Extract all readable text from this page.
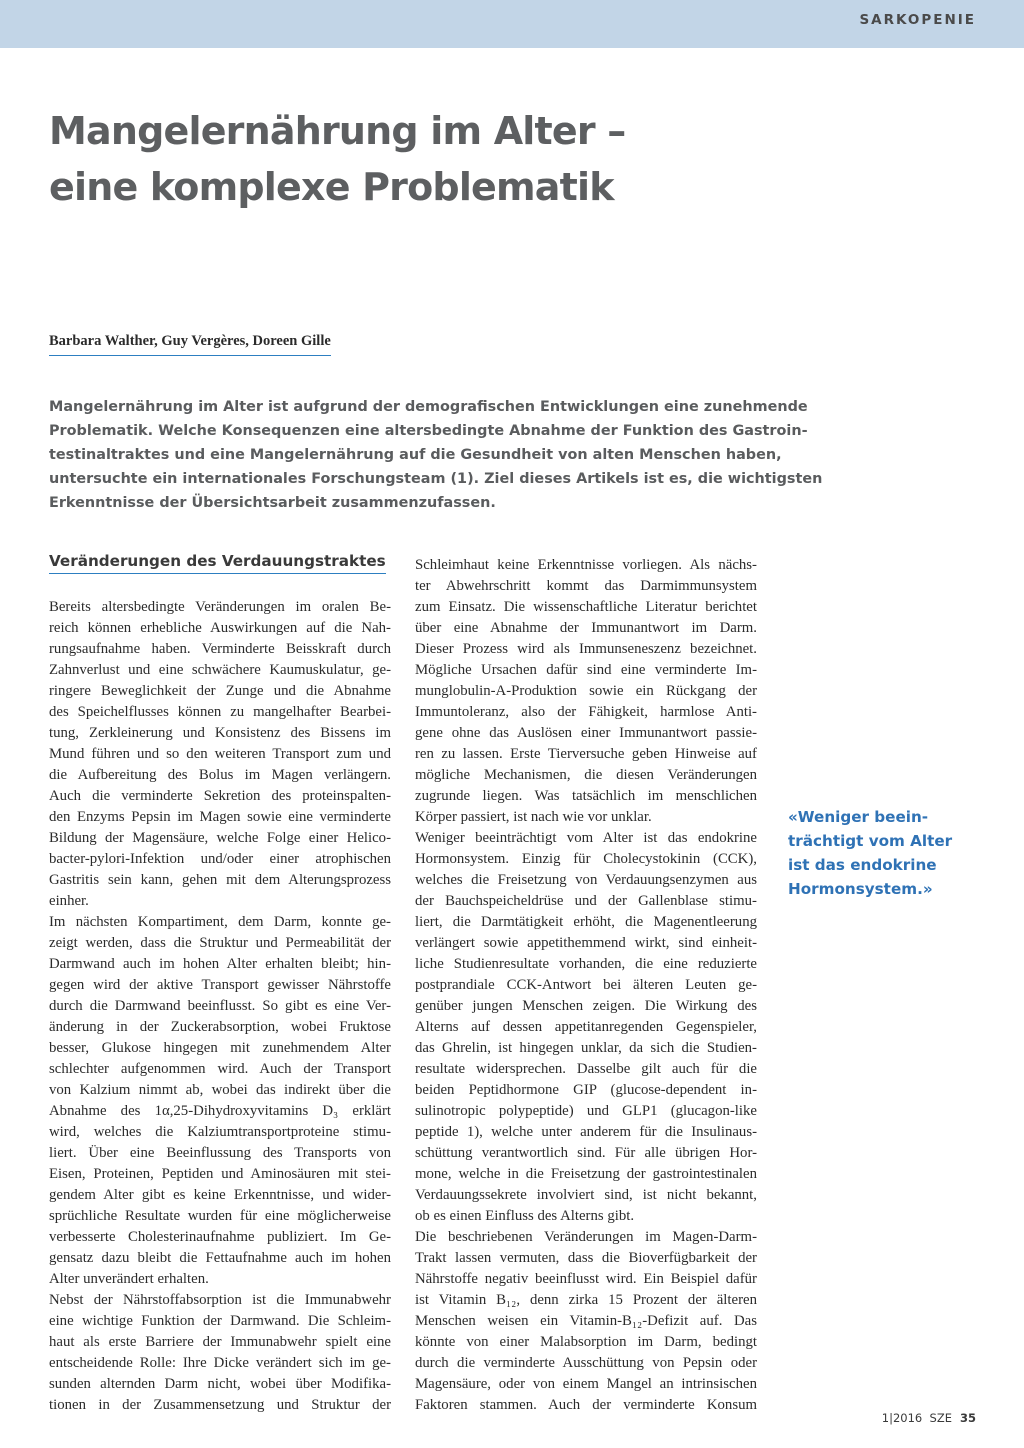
SARKOPENIE
Mangelernährung im Alter –
eine komplexe Problematik
Barbara Walther, Guy Vergères, Doreen Gille
Mangelernährung im Alter ist aufgrund der demografischen Entwicklungen eine zunehmende
Problematik. Welche Konsequenzen eine altersbedingte Abnahme der Funktion des Gastroin-
testinaltraktes und eine Mangelernährung auf die Gesundheit von alten Menschen haben,
untersuchte ein internationales Forschungsteam (1). Ziel dieses Artikels ist es, die wichtigsten
Erkenntnisse der Übersichtsarbeit zusammenzufassen.
Veränderungen des Verdauungstraktes
Bereits altersbedingte Veränderungen im oralen Be-
reich können erhebliche Auswirkungen auf die Nah-
rungsaufnahme haben. Verminderte Beisskraft durch
Zahnverlust und eine schwächere Kaumuskulatur, ge-
ringere Beweglichkeit der Zunge und die Abnahme
des Speichelflusses können zu mangelhafter Bearbei-
tung, Zerkleinerung und Konsistenz des Bissens im
Mund führen und so den weiteren Transport zum und
die Aufbereitung des Bolus im Magen verlängern.
Auch die verminderte Sekretion des proteinspalten-
den Enzyms Pepsin im Magen sowie eine verminderte
Bildung der Magensäure, welche Folge einer Helico-
bacter-pylori-Infektion und/oder einer atrophischen
Gastritis sein kann, gehen mit dem Alterungsprozess
einher.
Im nächsten Kompartiment, dem Darm, konnte ge-
zeigt werden, dass die Struktur und Permeabilität der
Darmwand auch im hohen Alter erhalten bleibt; hin-
gegen wird der aktive Transport gewisser Nährstoffe
durch die Darmwand beeinflusst. So gibt es eine Ver-
änderung in der Zuckerabsorption, wobei Fruktose
besser, Glukose hingegen mit zunehmendem Alter
schlechter aufgenommen wird. Auch der Transport
von Kalzium nimmt ab, wobei das indirekt über die
Abnahme des 1α,25-Dihydroxyvitamins D₃ erklärt
wird, welches die Kalziumtransportproteine stimu-
liert. Über eine Beeinflussung des Transports von
Eisen, Proteinen, Peptiden und Aminosäuren mit stei-
gendem Alter gibt es keine Erkenntnisse, und wider-
sprüchliche Resultate wurden für eine möglicherweise
verbesserte Cholesterinaufnahme publiziert. Im Ge-
gensatz dazu bleibt die Fettaufnahme auch im hohen
Alter unverändert erhalten.
Nebst der Nährstoffabsorption ist die Immunabwehr
eine wichtige Funktion der Darmwand. Die Schleim-
haut als erste Barriere der Immunabwehr spielt eine
entscheidende Rolle: Ihre Dicke verändert sich im ge-
sunden alternden Darm nicht, wobei über Modifika-
tionen in der Zusammensetzung und Struktur der
Schleimhaut keine Erkenntnisse vorliegen. Als nächs-
ter Abwehrschritt kommt das Darmimmunsystem
zum Einsatz. Die wissenschaftliche Literatur berichtet
über eine Abnahme der Immunantwort im Darm.
Dieser Prozess wird als Immunseneszenz bezeichnet.
Mögliche Ursachen dafür sind eine verminderte Im-
munglobulin-A-Produktion sowie ein Rückgang der
Immuntoleranz, also der Fähigkeit, harmlose Anti-
gene ohne das Auslösen einer Immunantwort passie-
ren zu lassen. Erste Tierversuche geben Hinweise auf
mögliche Mechanismen, die diesen Veränderungen
zugrunde liegen. Was tatsächlich im menschlichen
Körper passiert, ist nach wie vor unklar.
Weniger beeinträchtigt vom Alter ist das endokrine
Hormonsystem. Einzig für Cholecystokinin (CCK),
welches die Freisetzung von Verdauungsenzymen aus
der Bauchspeicheldrüse und der Gallenblase stimu-
liert, die Darmtätigkeit erhöht, die Magenentleerung
verlängert sowie appetithemmend wirkt, sind einheit-
liche Studienresultate vorhanden, die eine reduzierte
postprandiale CCK-Antwort bei älteren Leuten ge-
genüber jungen Menschen zeigen. Die Wirkung des
Alterns auf dessen appetitanregenden Gegenspieler,
das Ghrelin, ist hingegen unklar, da sich die Studien-
resultate widersprechen. Dasselbe gilt auch für die
beiden Peptidhormone GIP (glucose-dependent in-
sulinotropic polypeptide) und GLP1 (glucagon-like
peptide 1), welche unter anderem für die Insulinaus-
schüttung verantwortlich sind. Für alle übrigen Hor-
mone, welche in die Freisetzung der gastrointestinalen
Verdauungssekrete involviert sind, ist nicht bekannt,
ob es einen Einfluss des Alterns gibt.
Die beschriebenen Veränderungen im Magen-Darm-
Trakt lassen vermuten, dass die Bioverfügbarkeit der
Nährstoffe negativ beeinflusst wird. Ein Beispiel dafür
ist Vitamin B₁₂, denn zirka 15 Prozent der älteren
Menschen weisen ein Vitamin-B₁₂-Defizit auf. Das
könnte von einer Malabsorption im Darm, bedingt
durch die verminderte Ausschüttung von Pepsin oder
Magensäure, oder von einem Mangel an intrinsischen
Faktoren stammen. Auch der verminderte Konsum
«Weniger beein-
trächtigt vom Alter
ist das endokrine
Hormonsystem.»
1|2016  SZE 35
